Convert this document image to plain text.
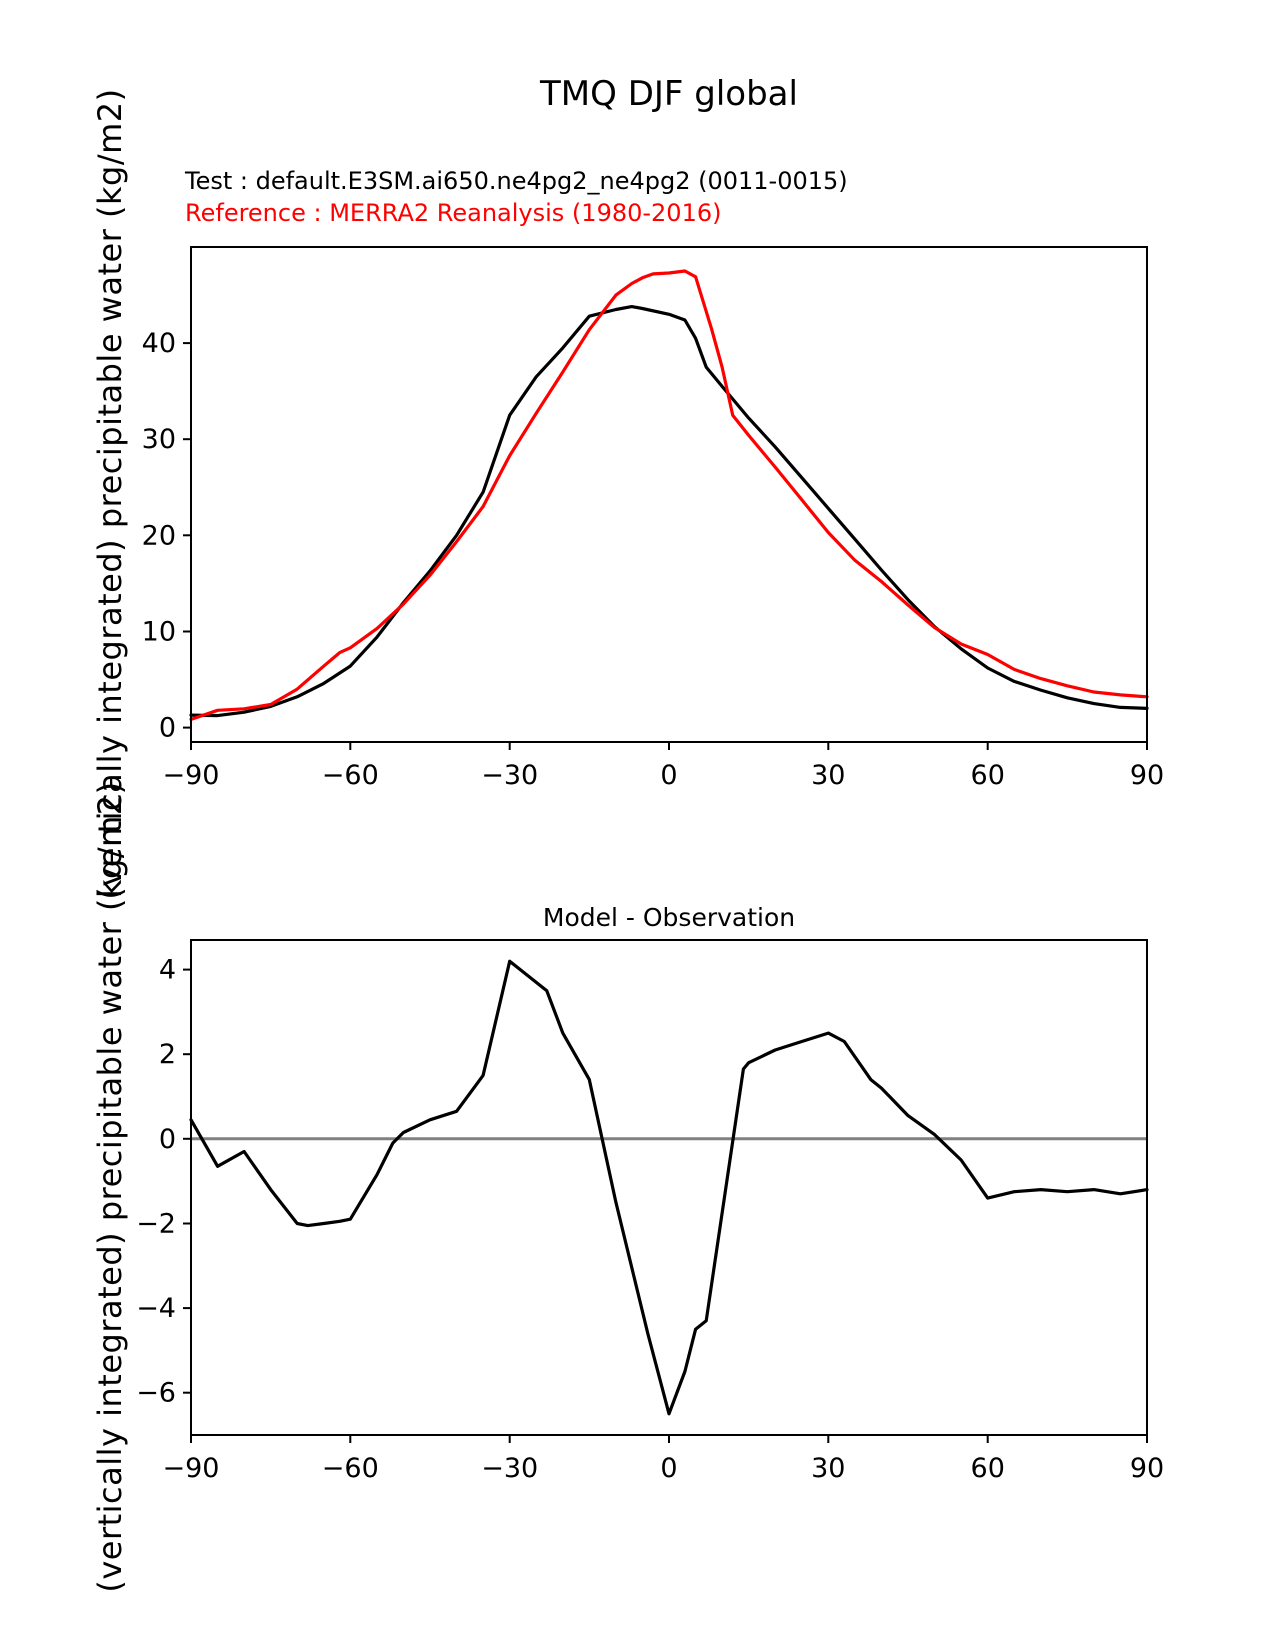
TMQ DJF global
Test : default.E3SM.ai650.ne4pg2_ne4pg2 (0011-0015)
Reference : MERRA2 Reanalysis (1980-2016)
(vertically integrated) precipitable water (kg/m2)
(vertically integrated) precipitable water (kg/m2)	Model - Observation
−90	−60	−30	0	30	60	90
0
10
20
30
40
−90	−60	−30	0	30	60	90
4
2
0
−2
−4
−6
